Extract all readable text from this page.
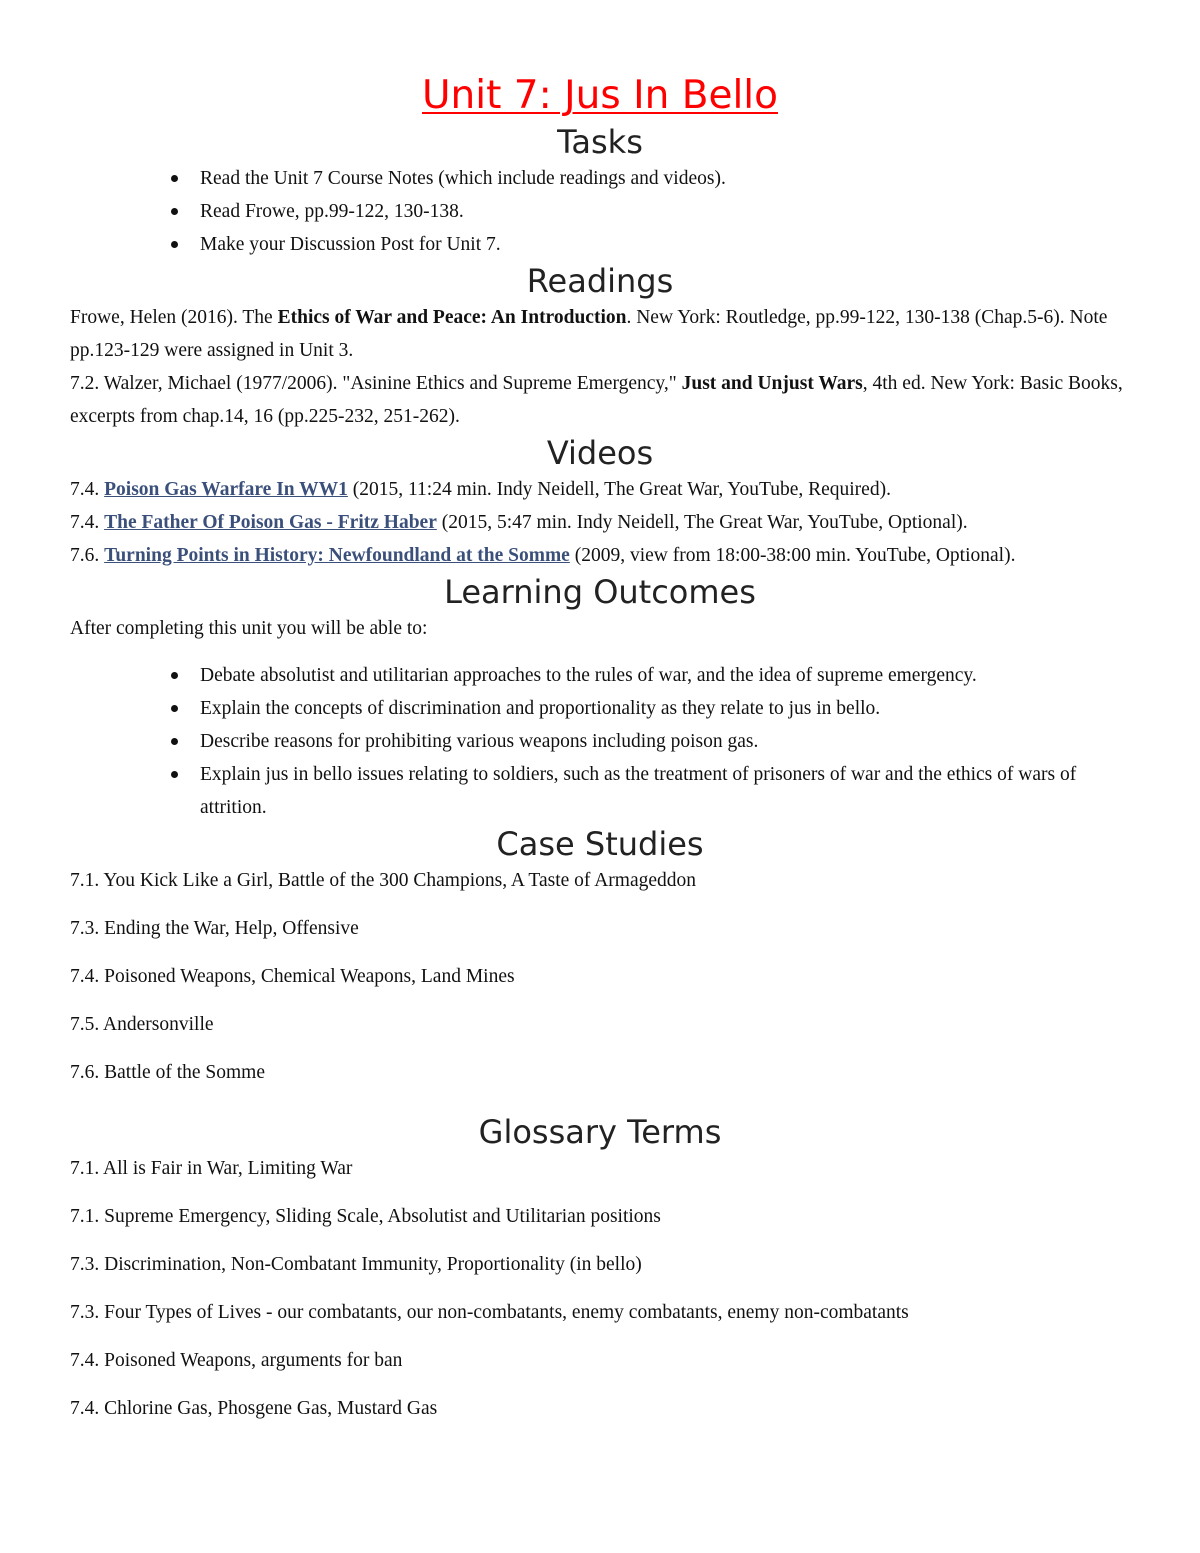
Unit 7: Jus In Bello
Tasks
Read the Unit 7 Course Notes (which include readings and videos).
Read Frowe, pp.99-122, 130-138.
Make your Discussion Post for Unit 7.
Readings

Frowe, Helen (2016). The Ethics of War and Peace: An Introduction. New York: Routledge, pp.99-122, 130-138 (Chap.5-6). Note pp.123-129 were assigned in Unit 3.

7.2. Walzer, Michael (1977/2006). "Asinine Ethics and Supreme Emergency," Just and Unjust Wars, 4th ed. New York: Basic Books, excerpts from chap.14, 16 (pp.225-232, 251-262).

Videos

7.4. Poison Gas Warfare In WW1 (2015, 11:24 min. Indy Neidell, The Great War, YouTube, Required).

7.4. The Father Of Poison Gas - Fritz Haber (2015, 5:47 min. Indy Neidell, The Great War, YouTube, Optional).

7.6. Turning Points in History: Newfoundland at the Somme (2009, view from 18:00-38:00 min. YouTube, Optional).

Learning Outcomes

After completing this unit you will be able to:

Debate absolutist and utilitarian approaches to the rules of war, and the idea of supreme emergency.
Explain the concepts of discrimination and proportionality as they relate to jus in bello.
Describe reasons for prohibiting various weapons including poison gas.
Explain jus in bello issues relating to soldiers, such as the treatment of prisoners of war and the ethics of wars of attrition.
Case Studies

7.1. You Kick Like a Girl, Battle of the 300 Champions, A Taste of Armageddon

7.3. Ending the War, Help, Offensive

7.4. Poisoned Weapons, Chemical Weapons, Land Mines

7.5. Andersonville

7.6. Battle of the Somme

Glossary Terms

7.1. All is Fair in War, Limiting War

7.1. Supreme Emergency, Sliding Scale, Absolutist and Utilitarian positions

7.3. Discrimination, Non-Combatant Immunity, Proportionality (in bello)

7.3. Four Types of Lives - our combatants, our non-combatants, enemy combatants, enemy non-combatants

7.4. Poisoned Weapons, arguments for ban

7.4. Chlorine Gas, Phosgene Gas, Mustard Gas
